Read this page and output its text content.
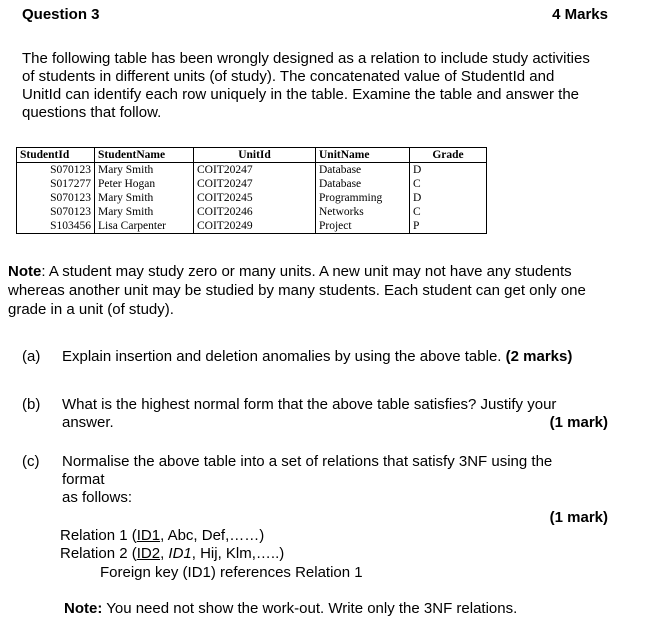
Question 3	4 Marks
The following table has been wrongly designed as a relation to include study activities of students in different units (of study). The concatenated value of StudentId and UnitId can identify each row uniquely in the table. Examine the table and answer the questions that follow.
StudentId	StudentName	UnitId	UnitName	Grade
S070123	Mary Smith	COIT20247	Database	D
S017277	Peter Hogan	COIT20247	Database	C
S070123	Mary Smith	COIT20245	Programming	D
S070123	Mary Smith	COIT20246	Networks	C
S103456	Lisa Carpenter	COIT20249	Project	P
Note: A student may study zero or many units. A new unit may not have any students whereas another unit may be studied by many students. Each student can get only one grade in a unit (of study).
(a) Explain insertion and deletion anomalies by using the above table. (2 marks)
(b) What is the highest normal form that the above table satisfies? Justify your
answer.	(1 mark)
(c) Normalise the above table into a set of relations that satisfy 3NF using the
format
as follows:
(1 mark)
Relation 1 (ID1, Abc, Def,……)
Relation 2 (ID2, ID1, Hij, Klm,…..)
Foreign key (ID1) references Relation 1
Note: You need not show the work-out. Write only the 3NF relations.
